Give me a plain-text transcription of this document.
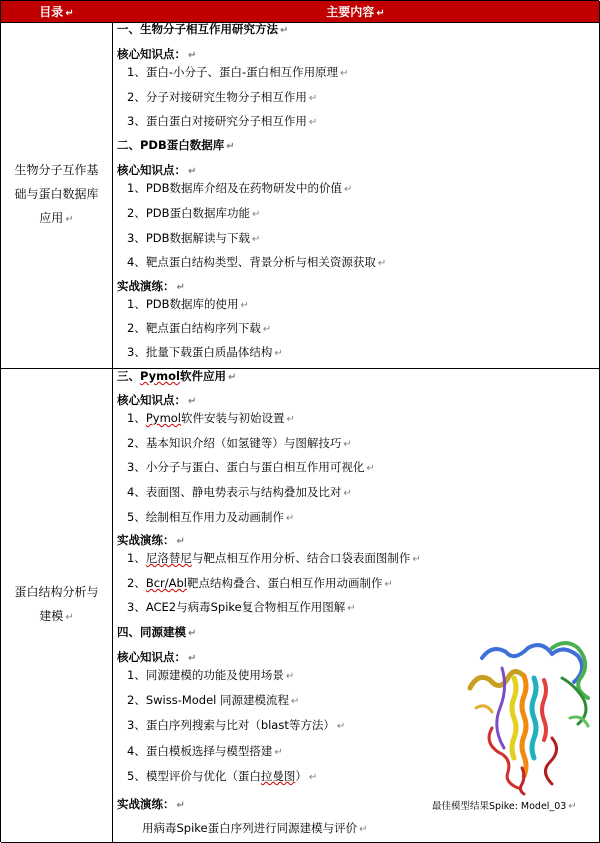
目录 ↵	主要内容 ↵
生物分子互作基础与蛋白数据库应用 ↵
蛋白结构分析与
建模 ↵
一、生物分子相互作用研究方法 ↵
核心知识点： ↵
1、蛋白-小分子、蛋白-蛋白相互作用原理 ↵
2、分子对接研究生物分子相互作用 ↵
3、蛋白蛋白对接研究分子相互作用 ↵
二、PDB蛋白数据库 ↵
核心知识点： ↵
1、PDB数据库介绍及在药物研发中的价值 ↵
2、PDB蛋白数据库功能 ↵
3、PDB数据解读与下载 ↵
4、靶点蛋白结构类型、背景分析与相关资源获取 ↵
实战演练： ↵
1、PDB数据库的使用 ↵
2、靶点蛋白结构序列下载 ↵
3、批量下载蛋白质晶体结构 ↵
三、Pymol软件应用 ↵
核心知识点： ↵
1、Pymol软件安装与初始设置 ↵
2、基本知识介绍（如氢键等）与图解技巧 ↵
3、小分子与蛋白、蛋白与蛋白相互作用可视化 ↵
4、表面图、静电势表示与结构叠加及比对 ↵
5、绘制相互作用力及动画制作 ↵
实战演练： ↵
1、尼洛替尼与靶点相互作用分析、结合口袋表面图制作 ↵
2、Bcr/Abl靶点结构叠合、蛋白相互作用动画制作 ↵
3、ACE2与病毒Spike复合物相互作用图解 ↵
四、同源建模 ↵
核心知识点： ↵
1、同源建模的功能及使用场景 ↵
2、Swiss-Model 同源建模流程 ↵
3、蛋白序列搜索与比对（blast等方法） ↵
4、蛋白模板选择与模型搭建 ↵
5、模型评价与优化（蛋白拉曼图） ↵
实战演练： ↵
用病毒Spike蛋白序列进行同源建模与评价 ↵
最佳模型结果Spike: Model_03 ↵
